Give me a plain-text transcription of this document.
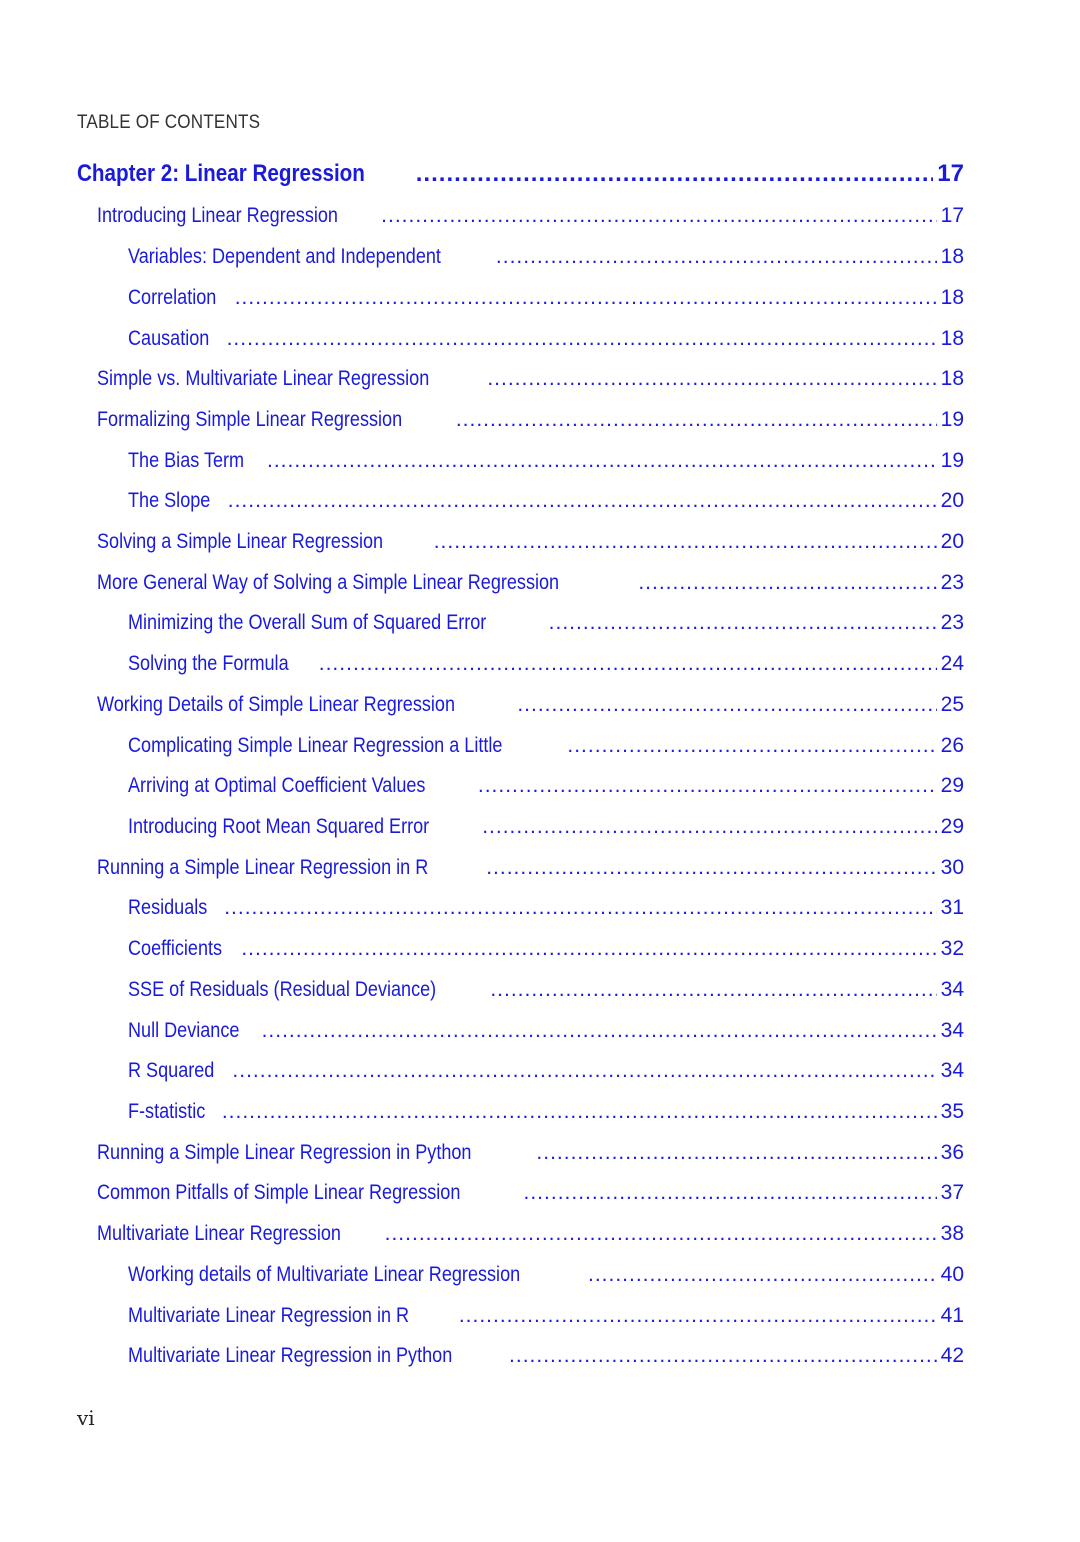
TABLE OF CONTENTS
Chapter 2: Linear Regression .....	17
Introducing Linear Regression .....	17
Variables: Dependent and Independent .....	18
Correlation .....	18
Causation .....	18
Simple vs. Multivariate Linear Regression .....	18
Formalizing Simple Linear Regression .....	19
The Bias Term .....	19
The Slope .....	20
Solving a Simple Linear Regression .....	20
More General Way of Solving a Simple Linear Regression .....	23
Minimizing the Overall Sum of Squared Error .....	23
Solving the Formula .....	24
Working Details of Simple Linear Regression .....	25
Complicating Simple Linear Regression a Little .....	26
Arriving at Optimal Coefficient Values .....	29
Introducing Root Mean Squared Error .....	29
Running a Simple Linear Regression in R .....	30
Residuals .....	31
Coefficients .....	32
SSE of Residuals (Residual Deviance) .....	34
Null Deviance .....	34
R Squared .....	34
F-statistic .....	35
Running a Simple Linear Regression in Python .....	36
Common Pitfalls of Simple Linear Regression .....	37
Multivariate Linear Regression .....	38
Working details of Multivariate Linear Regression .....	40
Multivariate Linear Regression in R .....	41
Multivariate Linear Regression in Python .....	42
vi
